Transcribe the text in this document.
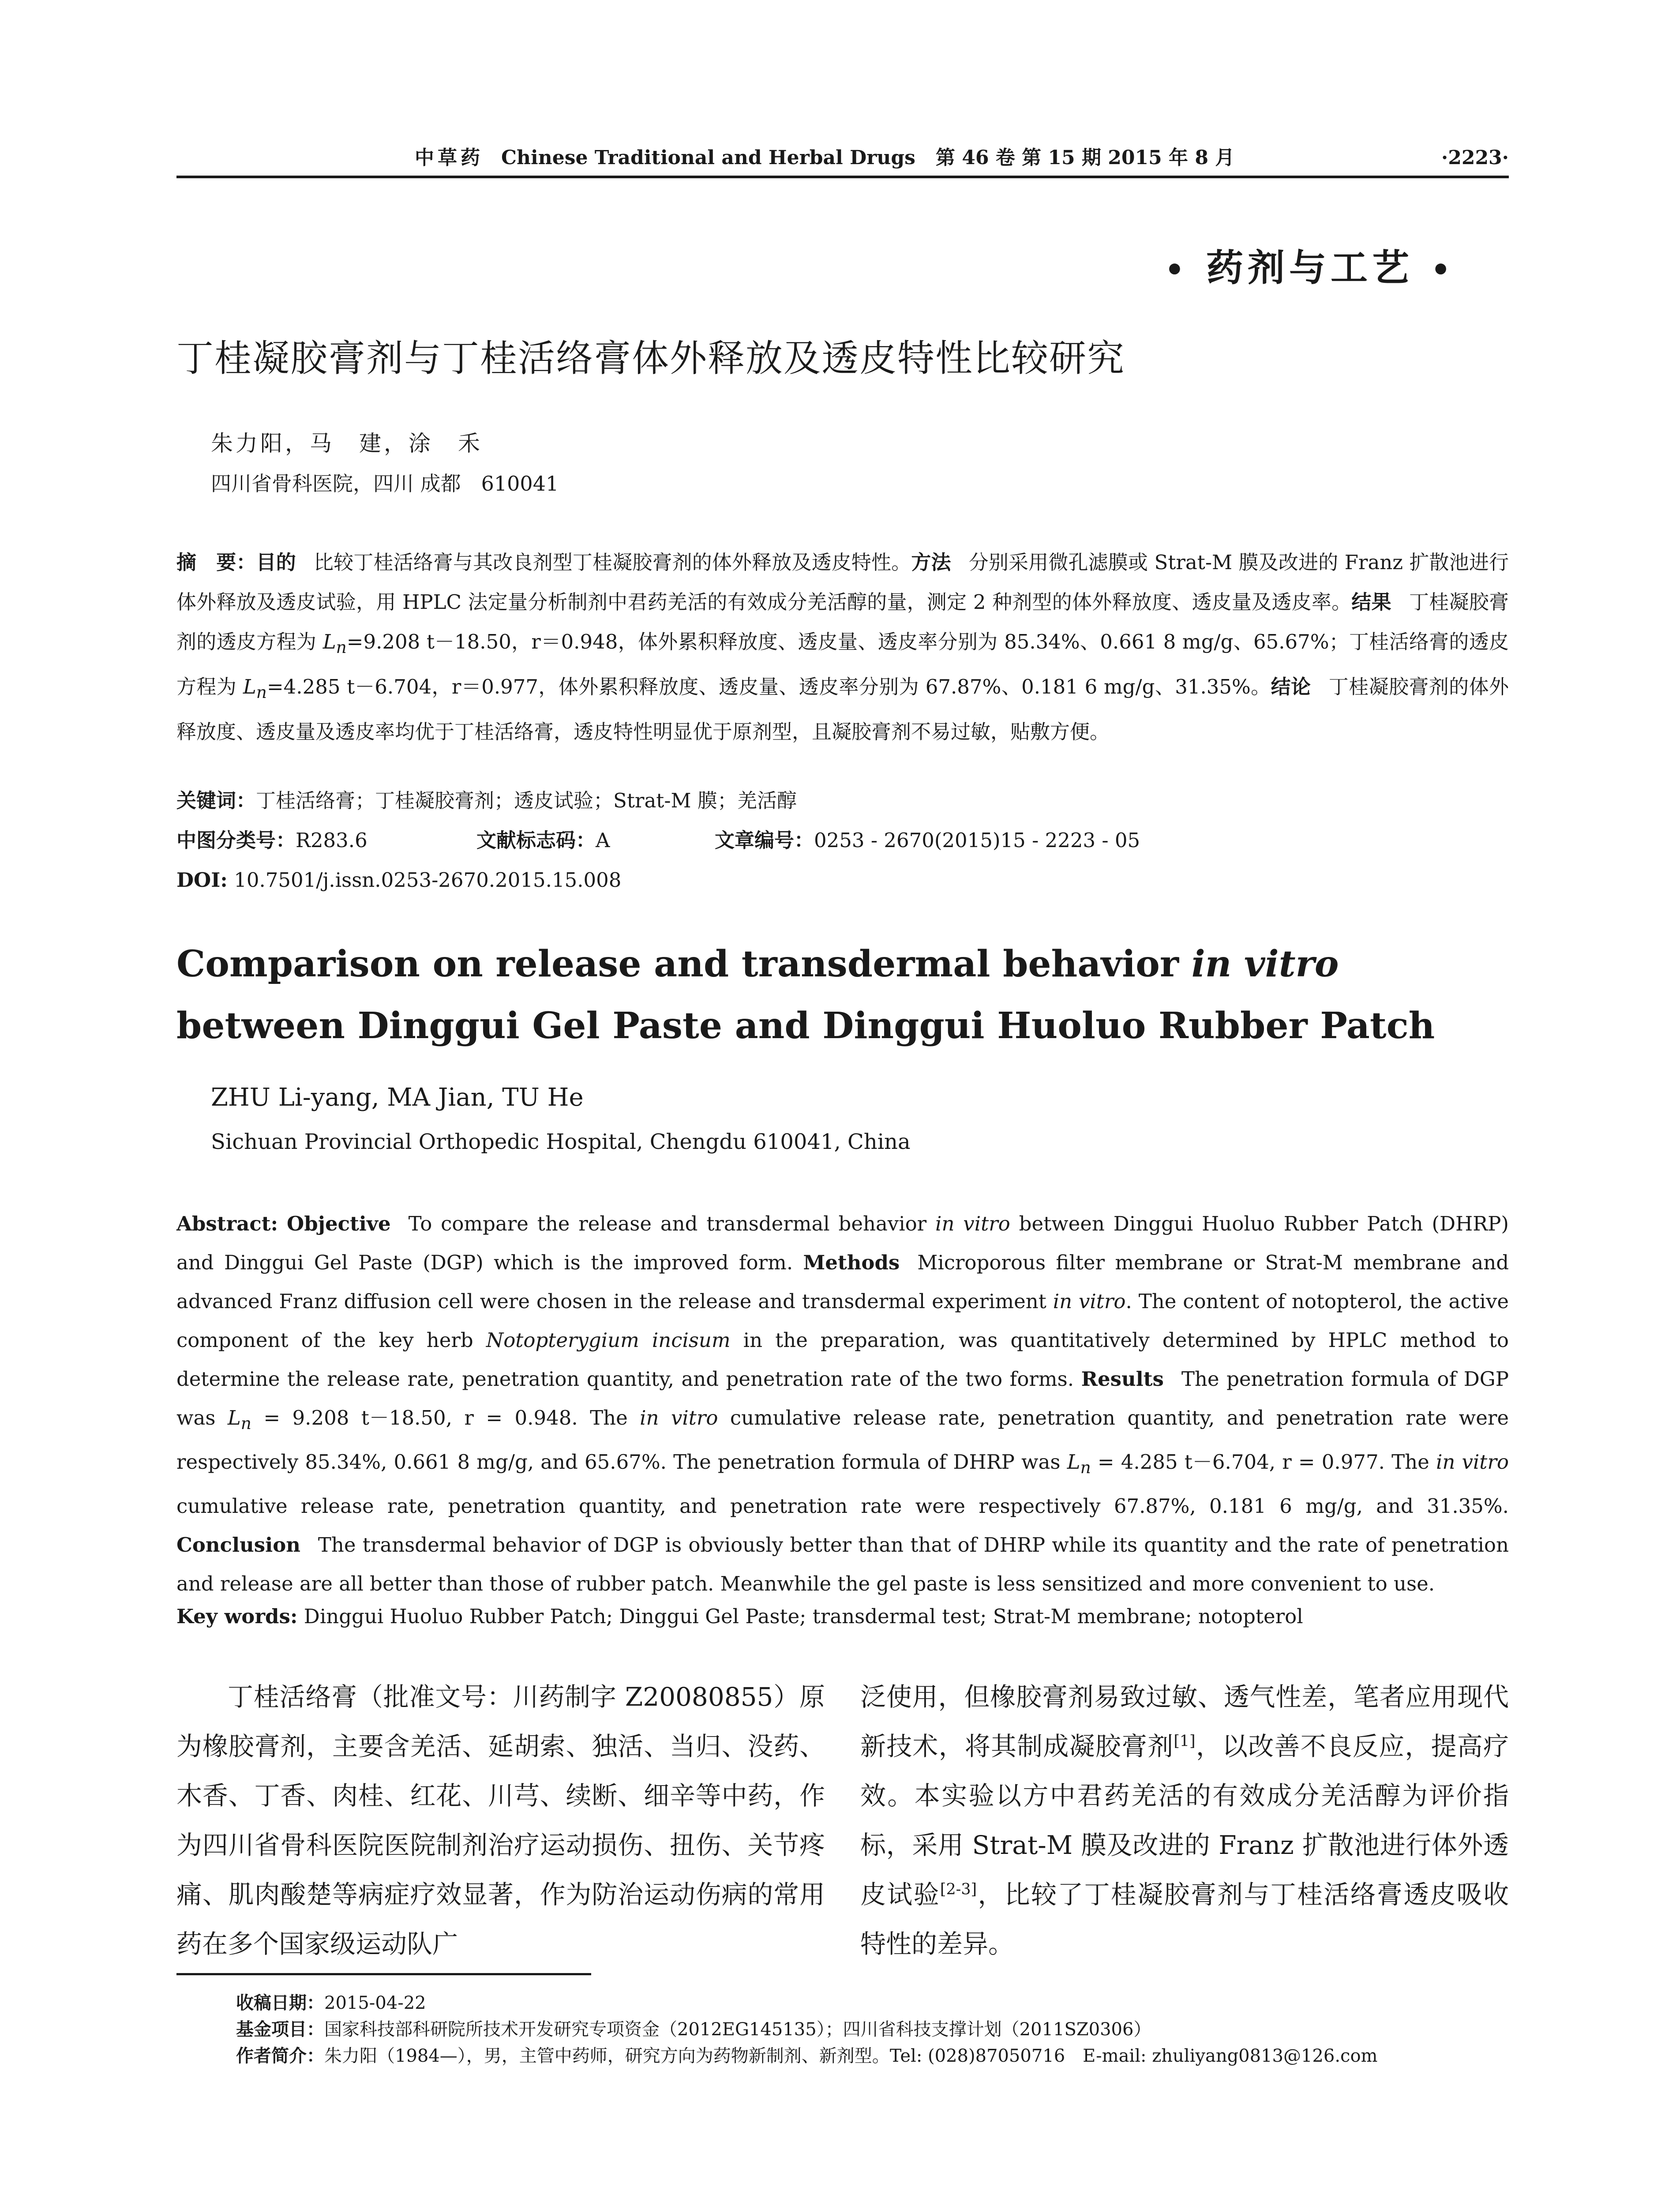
中草药 Chinese Traditional and Herbal Drugs 第 46 卷 第 15 期 2015 年 8 月	·2223·
• 药剂与工艺 •
丁桂凝胶膏剂与丁桂活络膏体外释放及透皮特性比较研究
朱力阳，马　建，涂　禾
四川省骨科医院，四川 成都　610041
摘　要：目的 比较丁桂活络膏与其改良剂型丁桂凝胶膏剂的体外释放及透皮特性。方法 分别采用微孔滤膜或 Strat-M 膜及改进的 Franz 扩散池进行体外释放及透皮试验，用 HPLC 法定量分析制剂中君药羌活的有效成分羌活醇的量，测定 2 种剂型的体外释放度、透皮量及透皮率。结果 丁桂凝胶膏剂的透皮方程为 $L_n=9.208$ t－18.50，r＝0.948，体外累积释放度、透皮量、透皮率分别为 85.34%、0.661 8 mg/g、65.67%；丁桂活络膏的透皮方程为 $L_n=4.285$ t－6.704，r＝0.977，体外累积释放度、透皮量、透皮率分别为 67.87%、0.181 6 mg/g、31.35%。结论 丁桂凝胶膏剂的体外释放度、透皮量及透皮率均优于丁桂活络膏，透皮特性明显优于原剂型，且凝胶膏剂不易过敏，贴敷方便。
关键词：丁桂活络膏；丁桂凝胶膏剂；透皮试验；Strat-M 膜；羌活醇
中图分类号：R283.6	文献标志码：A	文章编号：0253 - 2670(2015)15 - 2223 - 05
DOI: 10.7501/j.issn.0253-2670.2015.15.008
Comparison on release and transdermal behavior in vitro between Dinggui Gel Paste and Dinggui Huoluo Rubber Patch
ZHU Li-yang, MA Jian, TU He
Sichuan Provincial Orthopedic Hospital, Chengdu 610041, China
Abstract: Objective To compare the release and transdermal behavior in vitro between Dinggui Huoluo Rubber Patch (DHRP) and Dinggui Gel Paste (DGP) which is the improved form. Methods Microporous filter membrane or Strat-M membrane and advanced Franz diffusion cell were chosen in the release and transdermal experiment in vitro. The content of notopterol, the active component of the key herb Notopterygium incisum in the preparation, was quantitatively determined by HPLC method to determine the release rate, penetration quantity, and penetration rate of the two forms. Results The penetration formula of DGP was $L_n = 9.208$ t－18.50, r = 0.948. The in vitro cumulative release rate, penetration quantity, and penetration rate were respectively 85.34%, 0.661 8 mg/g, and 65.67%. The penetration formula of DHRP was $L_n = 4.285$ t－6.704, r = 0.977. The in vitro cumulative release rate, penetration quantity, and penetration rate were respectively 67.87%, 0.181 6 mg/g, and 31.35%. Conclusion The transdermal behavior of DGP is obviously better than that of DHRP while its quantity and the rate of penetration and release are all better than those of rubber patch. Meanwhile the gel paste is less sensitized and more convenient to use.
Key words: Dinggui Huoluo Rubber Patch; Dinggui Gel Paste; transdermal test; Strat-M membrane; notopterol
丁桂活络膏（批准文号：川药制字 Z20080855）原为橡胶膏剂，主要含羌活、延胡索、独活、当归、没药、木香、丁香、肉桂、红花、川芎、续断、细辛等中药，作为四川省骨科医院医院制剂治疗运动损伤、扭伤、关节疼痛、肌肉酸楚等病症疗效显著，作为防治运动伤病的常用药在多个国家级运动队广
泛使用，但橡胶膏剂易致过敏、透气性差，笔者应用现代新技术，将其制成凝胶膏剂[1]，以改善不良反应，提高疗效。本实验以方中君药羌活的有效成分羌活醇为评价指标，采用 Strat-M 膜及改进的 Franz 扩散池进行体外透皮试验[2-3]，比较了丁桂凝胶膏剂与丁桂活络膏透皮吸收特性的差异。
收稿日期：2015-04-22
基金项目：国家科技部科研院所技术开发研究专项资金（2012EG145135）；四川省科技支撑计划（2011SZ0306）
作者简介：朱力阳（1984—），男，主管中药师，研究方向为药物新制剂、新剂型。Tel: (028)87050716　E-mail: zhuliyang0813@126.com
